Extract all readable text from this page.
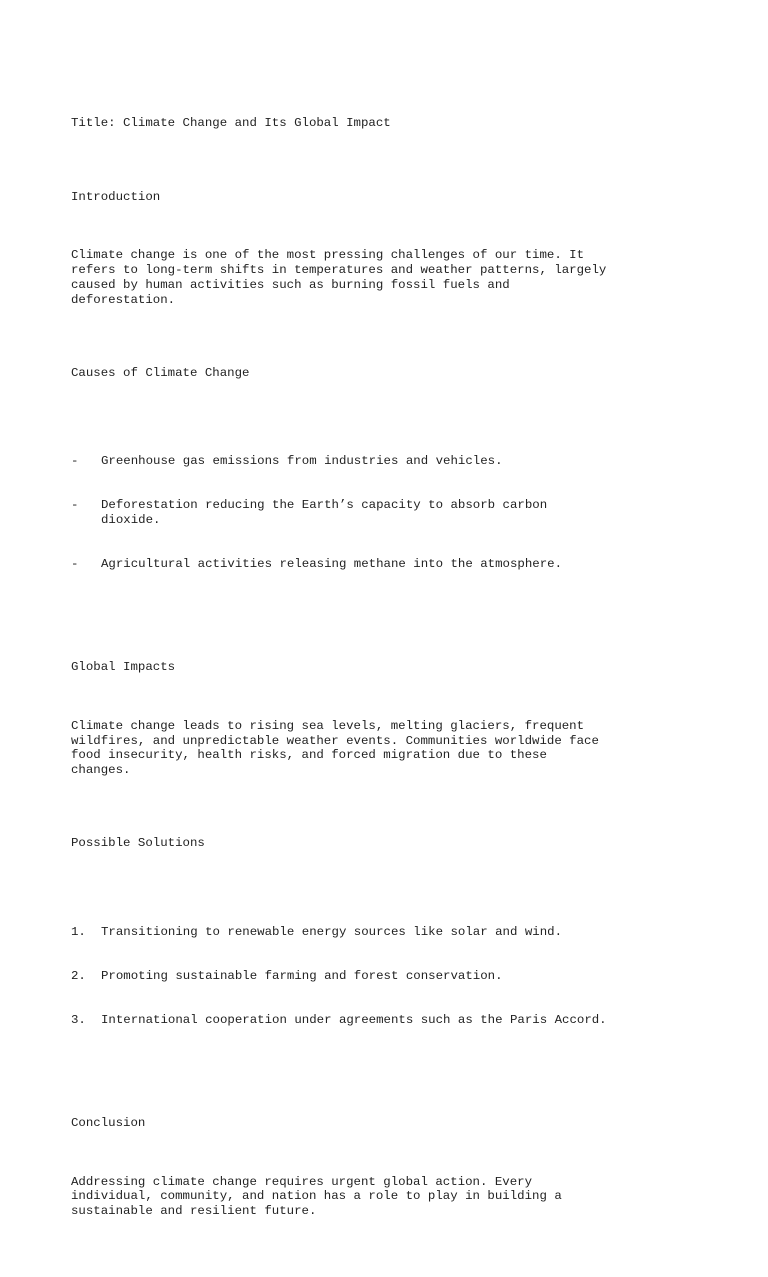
Title: Climate Change and Its Global Impact

Introduction

Climate change is one of the most pressing challenges of our time. It
refers to long-term shifts in temperatures and weather patterns, largely
caused by human activities such as burning fossil fuels and
deforestation.

Causes of Climate Change

-	Greenhouse gas emissions from industries and vehicles.

-	Deforestation reducing the Earth’s capacity to absorb carbon
dioxide.

-	Agricultural activities releasing methane into the atmosphere.

Global Impacts

Climate change leads to rising sea levels, melting glaciers, frequent
wildfires, and unpredictable weather events. Communities worldwide face
food insecurity, health risks, and forced migration due to these
changes.

Possible Solutions

1.	Transitioning to renewable energy sources like solar and wind.

2.	Promoting sustainable farming and forest conservation.

3.	International cooperation under agreements such as the Paris Accord.

Conclusion

Addressing climate change requires urgent global action. Every
individual, community, and nation has a role to play in building a
sustainable and resilient future.
